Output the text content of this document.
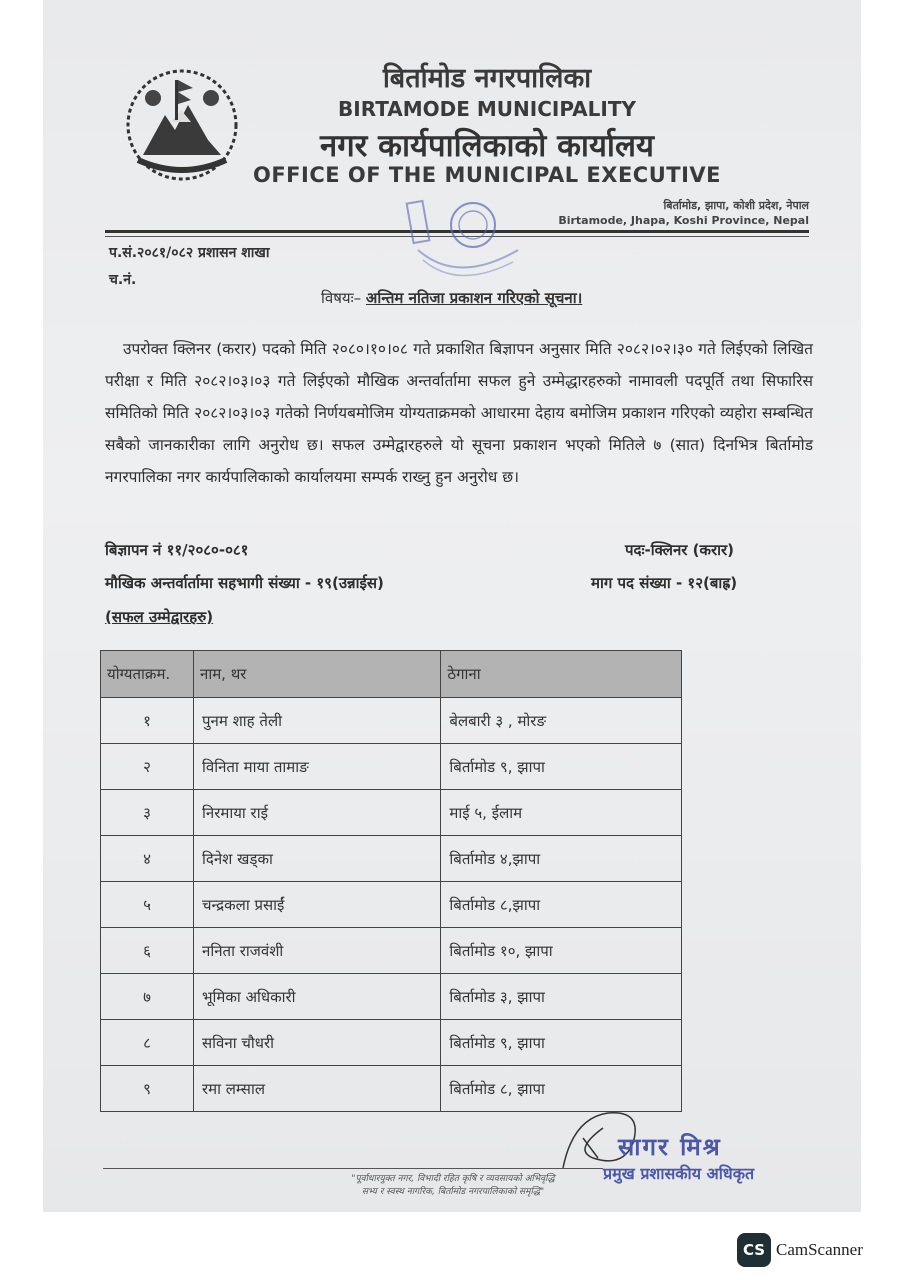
बिर्तामोड नगरपालिका
BIRTAMODE MUNICIPALITY
नगर कार्यपालिकाको कार्यालय
OFFICE OF THE MUNICIPAL EXECUTIVE
बिर्तामोड, झापा, कोशी प्रदेश, नेपाल
Birtamode, Jhapa, Koshi Province, Nepal
प.सं.२०८१/०८२ प्रशासन शाखा
च.नं.
विषयः– अन्तिम नतिजा प्रकाशन गरिएको सूचना।
उपरोक्त क्लिनर (करार) पदको मिति २०८०।१०।०८ गते प्रकाशित बिज्ञापन अनुसार मिति २०८२।०२।३० गते लिईएको लिखित परीक्षा र मिति २०८२।०३।०३ गते लिईएको मौखिक अन्तर्वार्तामा सफल हुने उम्मेद्धारहरुको नामावली पदपूर्ति तथा सिफारिस समितिको मिति २०८२।०३।०३ गतेको निर्णयबमोजिम योग्यताक्रमको आधारमा देहाय बमोजिम प्रकाशन गरिएको व्यहोरा सम्बन्धित सबैको जानकारीका लागि अनुरोध छ। सफल उम्मेद्वारहरुले यो सूचना प्रकाशन भएको मितिले ७ (सात) दिनभित्र बिर्तामोड नगरपालिका नगर कार्यपालिकाको कार्यालयमा सम्पर्क राख्नु हुन अनुरोध छ।
बिज्ञापन नं ११/२०८०-०८१	पदः-क्लिनर (करार)
मौखिक अन्तर्वार्तामा सहभागी संख्या - १९(उन्नाईस)	माग पद संख्या - १२(बाह्र)
(सफल उम्मेद्वारहरु)
योग्यताक्रम.	नाम, थर	ठेगाना
१	पुनम शाह तेली	बेलबारी ३ , मोरङ
२	विनिता माया तामाङ	बिर्तामोड ९, झापा
३	निरमाया राई	माई ५, ईलाम
४	दिनेश खड्का	बिर्तामोड ४,झापा
५	चन्द्रकला प्रसाईं	बिर्तामोड ८,झापा
६	ननिता राजवंशी	बिर्तामोड १०, झापा
७	भूमिका अधिकारी	बिर्तामोड ३, झापा
८	सविना चौधरी	बिर्तामोड ९, झापा
९	रमा लम्साल	बिर्तामोड ८, झापा
सागर मिश्र
प्रमुख प्रशासकीय अधिकृत
"पूर्वाधारयुक्त नगर, विभादी रहित कृषि र व्यवसायको अभिवृद्धि
सभ्य र स्वस्थ नागरिक, बिर्तामोड नगरपालिकाको समृद्धि"
CS CamScanner
